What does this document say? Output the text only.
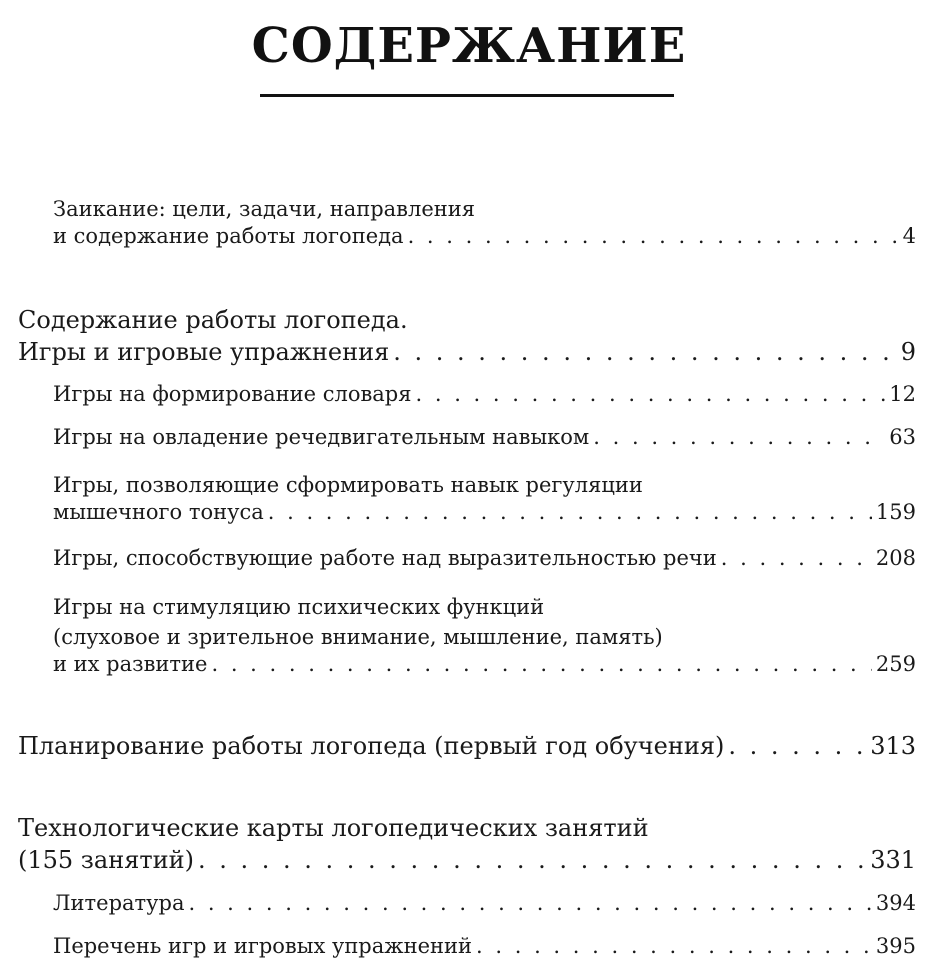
СОДЕРЖАНИЕ
Заикание: цели, задачи, направления
и содержание работы логопеда . . .	4
Содержание работы логопеда.
Игры и игровые упражнения . . .	9
Игры на формирование словаря . . .	12
Игры на овладение речедвигательным навыком . . .	63
Игры, позволяющие сформировать навык регуляции
мышечного тонуса . . .	159
Игры, способствующие работе над выразительностью речи . . .	208
Игры на стимуляцию психических функций
(слуховое и зрительное внимание, мышление, память)
и их развитие . . .	259
Планирование работы логопеда (первый год обучения) . . .	313
Технологические карты логопедических занятий
(155 занятий) . . .	331
Литература . . .	394
Перечень игр и игровых упражнений . . .	395
